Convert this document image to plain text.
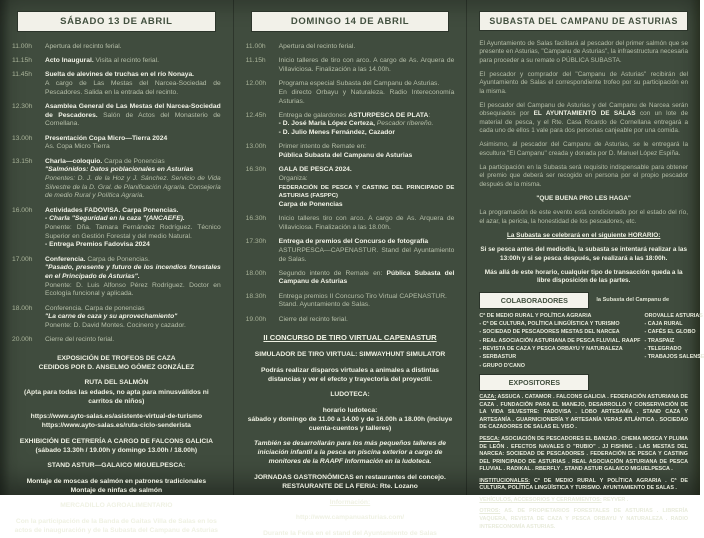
SÁBADO 13 DE ABRIL
11.00h	Apertura del recinto ferial.
11.15h	Acto Inaugural. Visita al recinto ferial.
11.45h	Suelta de alevines de truchas en el río Nonaya.
A cargo de Las Mestas del Narcea-Sociedad de Pescadores. Salida en la entrada del recinto.
12.30h	Asamblea General de Las Mestas del Narcea-Sociedad de Pescadores. Salón de Actos del Monasterio de Cornellana.
13.00h	Presentación Copa Micro—Tierra 2024
As. Copa Micro Tierra
13.15h	Charla—coloquio. Carpa de Ponencias
"Salmónidos: Datos poblacionales en Asturias
Ponentes: D. J. de la Hoz y J. Sánchez. Servicio de Vida Silvestre de la D. Gral. de Planificación Agraria. Consejería de medio Rural y Política Agraria.
16.00h	Actividades FADOVISA. Carpa Ponencias.
- Charla "Seguridad en la caza "(ANCAEFE).
Ponente: Dña. Tamara Fernández Rodríguez. Técnico Superior en Gestión Forestal y del medio Natural.
- Entrega Premios Fadovisa 2024
17.00h	Conferencia. Carpa de Ponencias.
"Pasado, presente y futuro de los incendios forestales en el Principado de Asturias".
Ponente: D. Luis Alfonso Pérez Rodríguez. Doctor en Ecología funcional y aplicada.
18.00h	Conferencia. Carpa de ponencias
"La carne de caza y su aprovechamiento"
Ponente: D. David Montes. Cocinero y cazador.
20.00h	Cierre del recinto ferial.
EXPOSICIÓN DE TROFEOS DE CAZA
CEDIDOS POR D. ANSELMO GÓMEZ GONZÁLEZ
RUTA DEL SALMÓN
(Apta para todas las edades, no apta para minusválidos ni carritos de niños)
https://www.ayto-salas.es/asistente-virtual-de-turismo
https://www.ayto-salas.es/ruta-ciclo-senderista
EXHIBICIÓN DE CETRERÍA A CARGO DE FALCONS GALICIA
(sábado 13.30h / 19.00h y domingo 13.00h / 18.00h)
STAND ASTUR—GALAICO MIGUELPESCA:
Montaje de moscas de salmón en patrones tradicionales
Montaje de ninfas de salmón
MERCADILLO AGROALIMENTARIO
Con la participación de la Banda de Gaitas Villa de Salas en los actos de inauguración y de la Subasta del Campanu de Asturias
DOMINGO 14 DE ABRIL
11.00h	Apertura del recinto ferial.
11.15h	Inicio talleres de tiro con arco. A cargo de As. Arquera de Villaviciosa. Finalización a las 14.00h.
12.00h	Programa especial Subasta del Campanu de Asturias.
En directo Orbayu y Naturaleza. Radio Intereconomía Asturias.
12.45h	Entrega de galardones ASTURPESCA DE PLATA:
- D. José María López Certeza, Pescador ribereño.
- D. Julio Menes Fernández, Cazador
13.00h	Primer intento de Remate en:
Pública Subasta del Campanu de Asturias
16.30h	GALA DE PESCA 2024.
Organiza:
FEDERACIÓN DE PESCA Y CASTING DEL PRINCIPADO DE ASTURIAS (FASPPC)
Carpa de Ponencias
16.30h	Inicio talleres tiro con arco. A cargo de As. Arquera de Villaviciosa. Finalización a las 18.00h.
17.30h	Entrega de premios del Concurso de fotografía
ASTURPESCA—CAPENASTUR. Stand del Ayuntamiento de Salas.
18.00h	Segundo intento de Remate en: Pública Subasta del Campanu de Asturias
18.30h	Entrega premios II Concurso Tiro Virtual CAPENASTUR.
Stand. Ayuntamiento de Salas.
19.00h	Cierre del recinto ferial.
II CONCURSO DE TIRO VIRTUAL CAPENASTUR
SIMULADOR DE TIRO VIRTUAL: SIMWAYHUNT SIMULATOR
Podrás realizar disparos virtuales a animales a distintas distancias y ver el efecto y trayectoria del proyectil.
LUDOTECA:
horario ludoteca:
sábado y domingo de 11.00 a 14.00 y de 16.00h a 18.00h (incluye cuenta-cuentos y talleres)
También se desarrollarán para los más pequeños talleres de iniciación infantil a la pesca en piscina exterior a cargo de monitores de la RAAPF Información en la ludoteca.
JORNADAS GASTRONÓMICAS en restaurantes del concejo.
RESTAURANTE DE LA FERIA: Rte. Lozano
Información:
http://www.campanuasturias.com/
Durante la Feria en el stand del Ayuntamiento de Salas
SUBASTA DEL CAMPANU DE ASTURIAS
El Ayuntamiento de Salas facilitará al pescador del primer salmón que se presente en Asturias, "Campanu de Asturias", la infraestructura necesaria para proceder a su remate o PÚBLICA SUBASTA.
El pescador y comprador del "Campanu de Asturias" recibirán del Ayuntamiento de Salas el correspondiente trofeo por su participación en la misma.
El pescador del Campanu de Asturias y del Campanu de Narcea serán obsequiados por EL AYUNTAMIENTO DE SALAS con un lote de material de pesca, y el Rte. Casa Ricardo de Cornellana entregará a cada uno de ellos 1 vale para dos personas canjeable por una comida.
Asimismo, al pescador del Campanu de Asturias, se le entregará la escultura "El Campanu" creada y donada por D. Manuel López Espiña.
La participación en la Subasta será requisito indispensable para obtener el premio que deberá ser recogido en persona por el propio pescador después de la misma.
"QUE BUENA PRO LES HAGA"
La programación de este evento está condicionado por el estado del río, el azar, la pericia, la honestidad de los pescadores, etc.
La Subasta se celebrará en el siguiente HORARIO:
Si se pesca antes del mediodía, la subasta se intentará realizar a las 13:00h y si se pesca después, se realizará a las 18:00h.
Más allá de este horario, cualquier tipo de transacción queda a la libre disposición de las partes.
COLABORADORES	la Subasta del Campanu de
Cª DE MEDIO RURAL Y POLÍTICA AGRARIA
- Cª DE CULTURA, POLÍTICA LINGÜÍSTICA Y TURISMO
- SOCIEDAD DE PESCADORES MESTAS DEL NARCEA
- REAL ASOCIACIÓN ASTURIANA DE PESCA FLUVIAL. RAAPF
- REVISTA DE CAZA Y PESCA ORBAYU Y NATURALEZA
- SERBASTUR
- GRUPO D'CANO
OROVALLE ASTURIAS
- CAJA RURAL
- CAFÉS EL GLOBO
- TRASPAIZ
- TELEGRADO
- TRABAJOS SALENSE
EXPOSITORES
CAZA: ASSUCA . CATAMOR . FALCONS GALICIA . FEDERACIÓN ASTURIANA DE CAZA . FUNDACIÓN PARA EL MANEJO, DESARROLLO Y CONSERVACIÓN DE LA VIDA SILVESTRE: FADOVISA . LOBO ARTESANÍA . STAND CAZA Y ARTESANÍA . GUARNICIONERÍA Y ARTESANÍA VERAS ATLÁNTICA . SOCIEDAD DE CAZADORES DE SALAS EL VISO .
PESCA: ASOCIACIÓN DE PESCADORES EL BANZAO . CHEMA MOSCA Y PLUMA DE LEÓN . EFECTOS NAVALES O "RUBIO" . JJ FISHING . LAS MESTAS DEL NARCEA: SOCIEDAD DE PESCADORES . FEDERACIÓN DE PESCA Y CASTING DEL PRINCIPADO DE ASTURIAS . REAL ASOCIACIÓN ASTURIANA DE PESCA FLUVIAL . RADIKAL . RBERFLY . STAND ASTUR GALAICO MIGUELPESCA .
INSTITUCIONALES: Cª DE MEDIO RURAL Y POLÍTICA AGRARIA . Cª DE CULTURA, POLÍTICA LINGÜÍSTICA Y TURISMO. AYUNTAMIENTO DE SALAS .
VEHÍCULOS, ACCESORIOS Y CERRAMIENTOS: REYVER .
OTROS: AS. DE PROPIETARIOS FORESTALES DE ASTURIAS . LIBRERÍA VAQUERA, REVISTA DE CAZA Y PESCA ORBAYU Y NATURALEZA . RADIO INTERECONOMÍA ASTURIAS.
